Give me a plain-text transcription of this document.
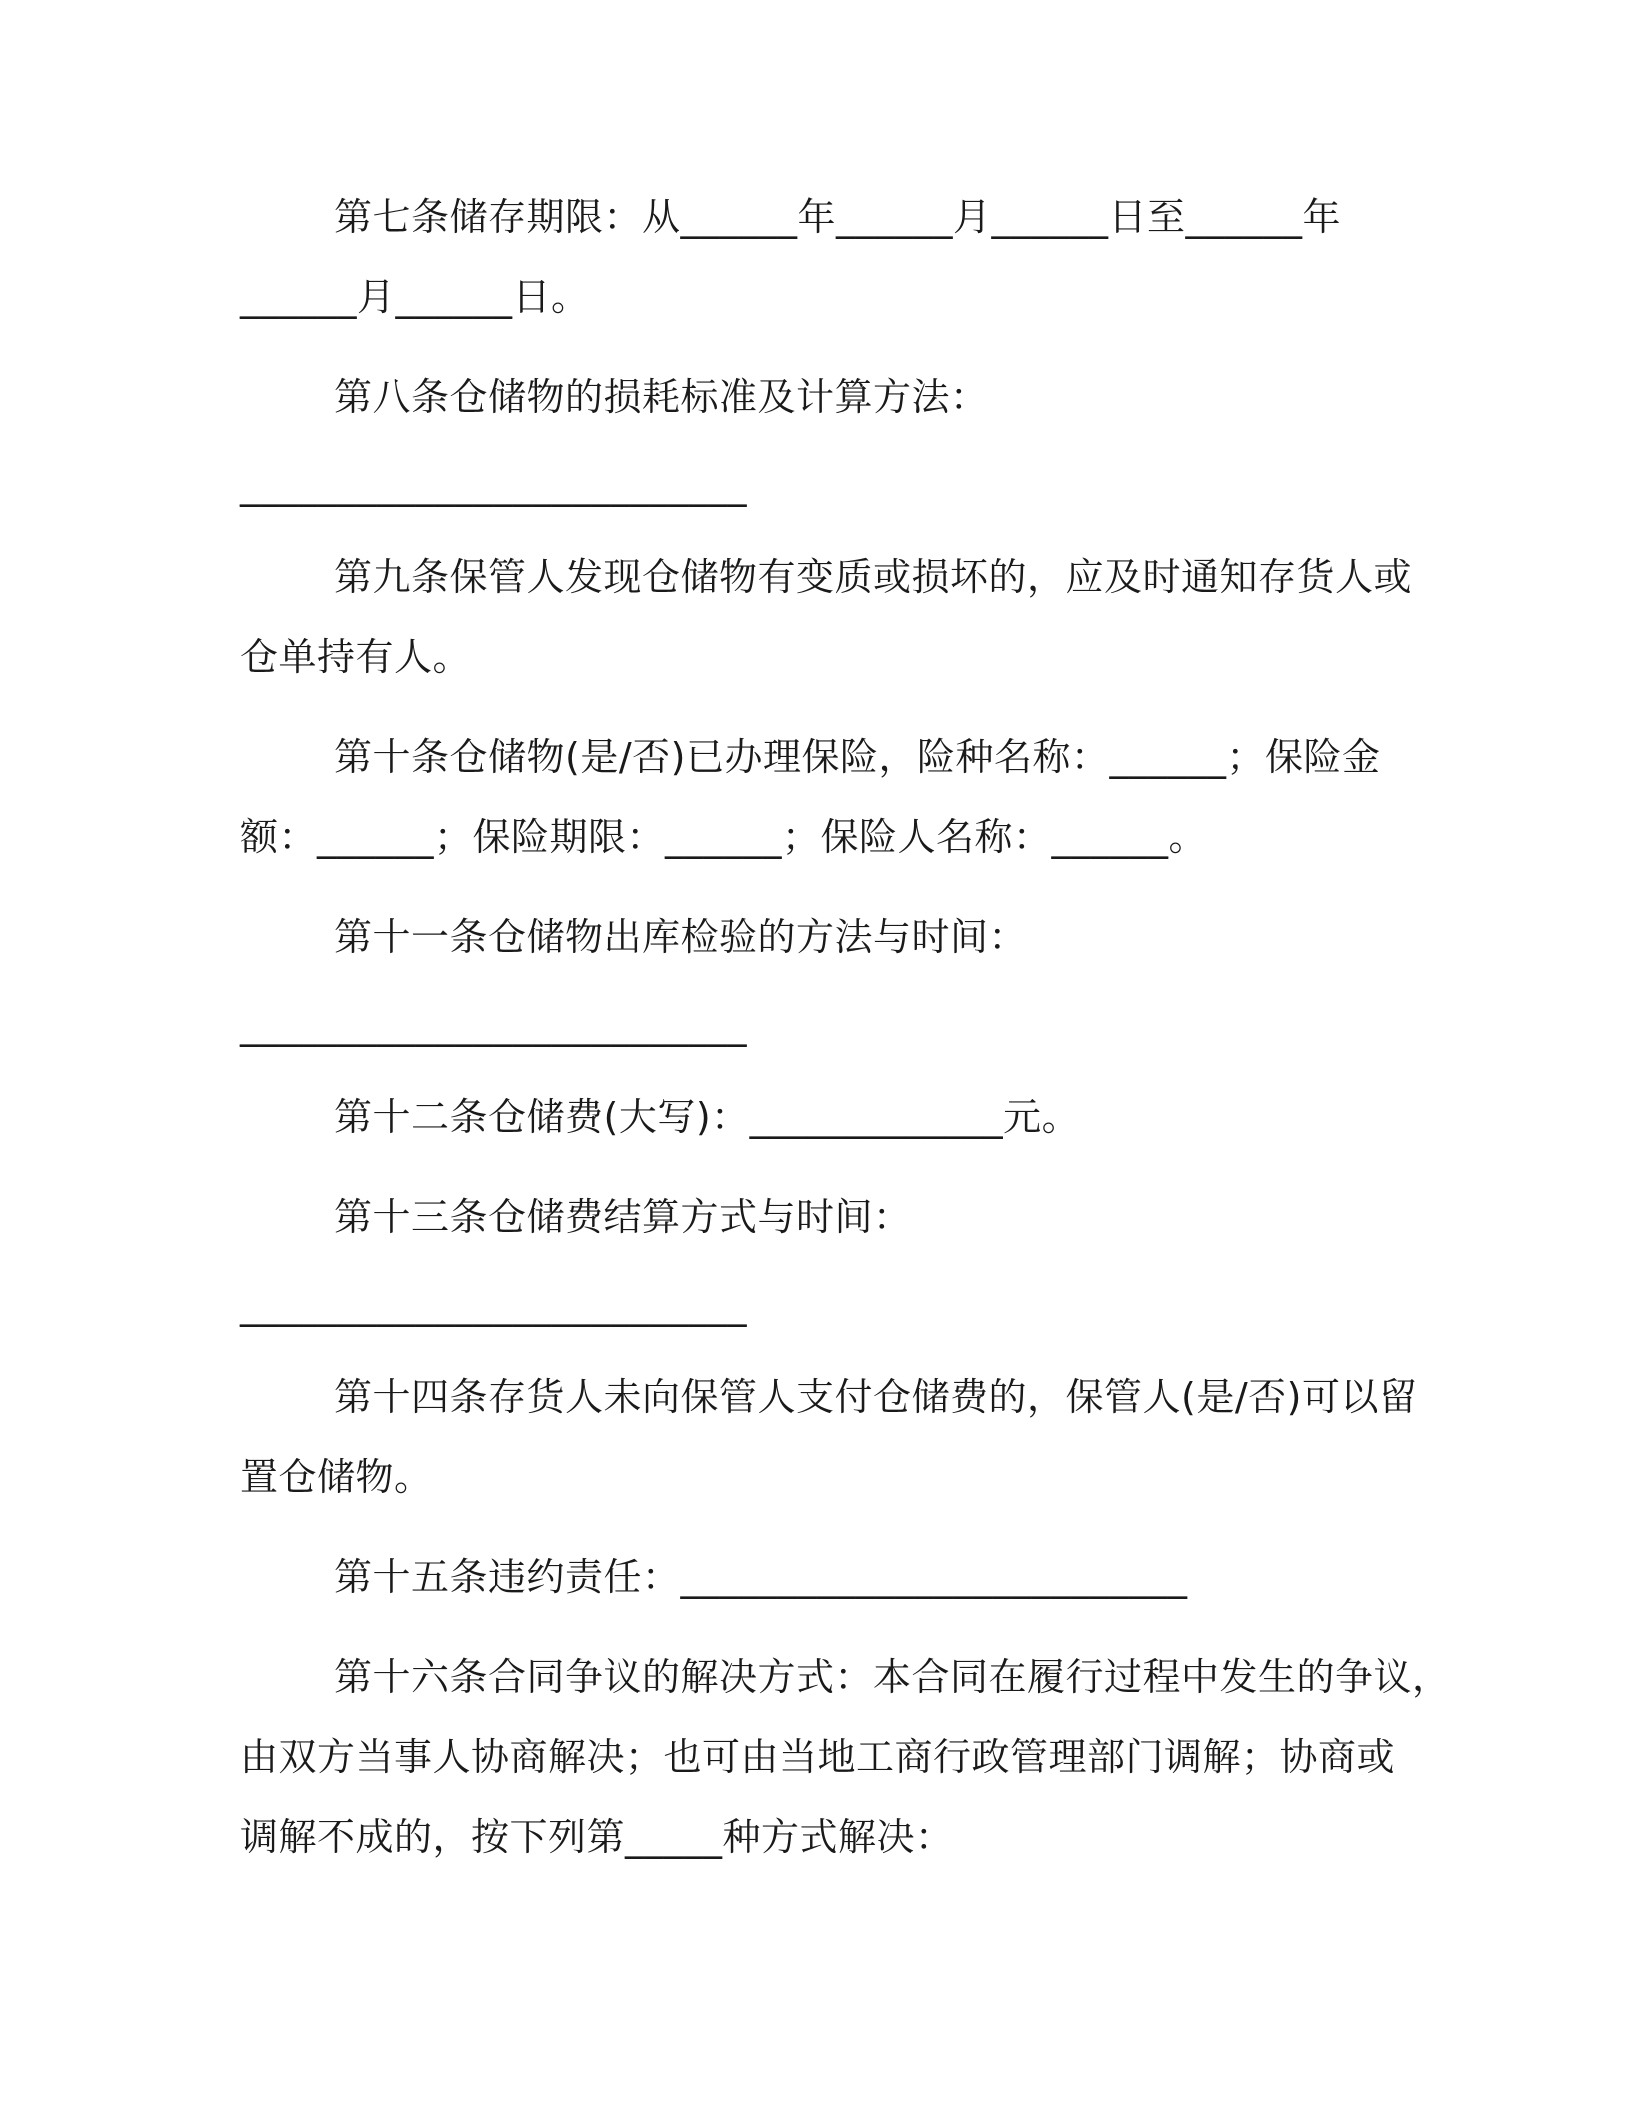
第七条储存期限：从______年______月______日至______年
______月______日。
第八条仓储物的损耗标准及计算方法：
__________________________
第九条保管人发现仓储物有变质或损坏的，应及时通知存货人或
仓单持有人。
第十条仓储物(是/否)已办理保险，险种名称：______；保险金
额：______；保险期限：______；保险人名称：______。
第十一条仓储物出库检验的方法与时间：
__________________________
第十二条仓储费(大写)：_____________元。
第十三条仓储费结算方式与时间：
__________________________
第十四条存货人未向保管人支付仓储费的，保管人(是/否)可以留
置仓储物。
第十五条违约责任：__________________________
第十六条合同争议的解决方式：本合同在履行过程中发生的争议，
由双方当事人协商解决；也可由当地工商行政管理部门调解；协商或
调解不成的，按下列第_____种方式解决：
